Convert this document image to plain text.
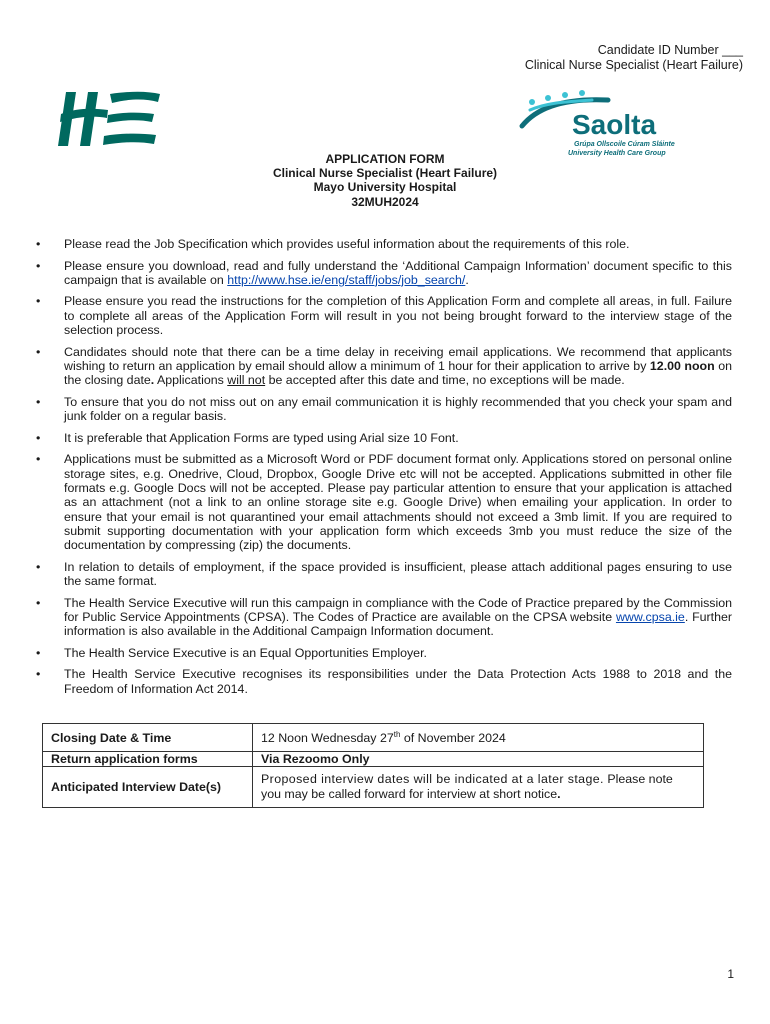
Candidate ID Number ___
Clinical Nurse Specialist (Heart Failure)
Saolta
Grúpa Ollscoile Cúram Sláinte
University Health Care Group
APPLICATION FORM
Clinical Nurse Specialist (Heart Failure)
Mayo University Hospital
32MUH2024
• Please read the Job Specification which provides useful information about the requirements of this role.
• Please ensure you download, read and fully understand the ‘Additional Campaign Information’ document specific to this campaign that is available on http://www.hse.ie/eng/staff/jobs/job_search/.
• Please ensure you read the instructions for the completion of this Application Form and complete all areas, in full. Failure to complete all areas of the Application Form will result in you not being brought forward to the interview stage of the selection process.
• Candidates should note that there can be a time delay in receiving email applications. We recommend that applicants wishing to return an application by email should allow a minimum of 1 hour for their application to arrive by 12.00 noon on the closing date. Applications will not be accepted after this date and time, no exceptions will be made.
• To ensure that you do not miss out on any email communication it is highly recommended that you check your spam and junk folder on a regular basis.
• It is preferable that Application Forms are typed using Arial size 10 Font.
• Applications must be submitted as a Microsoft Word or PDF document format only. Applications stored on personal online storage sites, e.g. Onedrive, Cloud, Dropbox, Google Drive etc will not be accepted. Applications submitted in other file formats e.g. Google Docs will not be accepted. Please pay particular attention to ensure that your application is attached as an attachment (not a link to an online storage site e.g. Google Drive) when emailing your application. In order to ensure that your email is not quarantined your email attachments should not exceed a 3mb limit. If you are required to submit supporting documentation with your application form which exceeds 3mb you must reduce the size of the documentation by compressing (zip) the documents.
• In relation to details of employment, if the space provided is insufficient, please attach additional pages ensuring to use the same format.
• The Health Service Executive will run this campaign in compliance with the Code of Practice prepared by the Commission for Public Service Appointments (CPSA). The Codes of Practice are available on the CPSA website www.cpsa.ie. Further information is also available in the Additional Campaign Information document.
• The Health Service Executive is an Equal Opportunities Employer.
• The Health Service Executive recognises its responsibilities under the Data Protection Acts 1988 to 2018 and the Freedom of Information Act 2014.
Closing Date & Time	12 Noon Wednesday 27th of November 2024
Return application forms	Via Rezoomo Only
Anticipated Interview Date(s)	Proposed interview dates will be indicated at a later stage. Please note you may be called forward for interview at short notice.
1
